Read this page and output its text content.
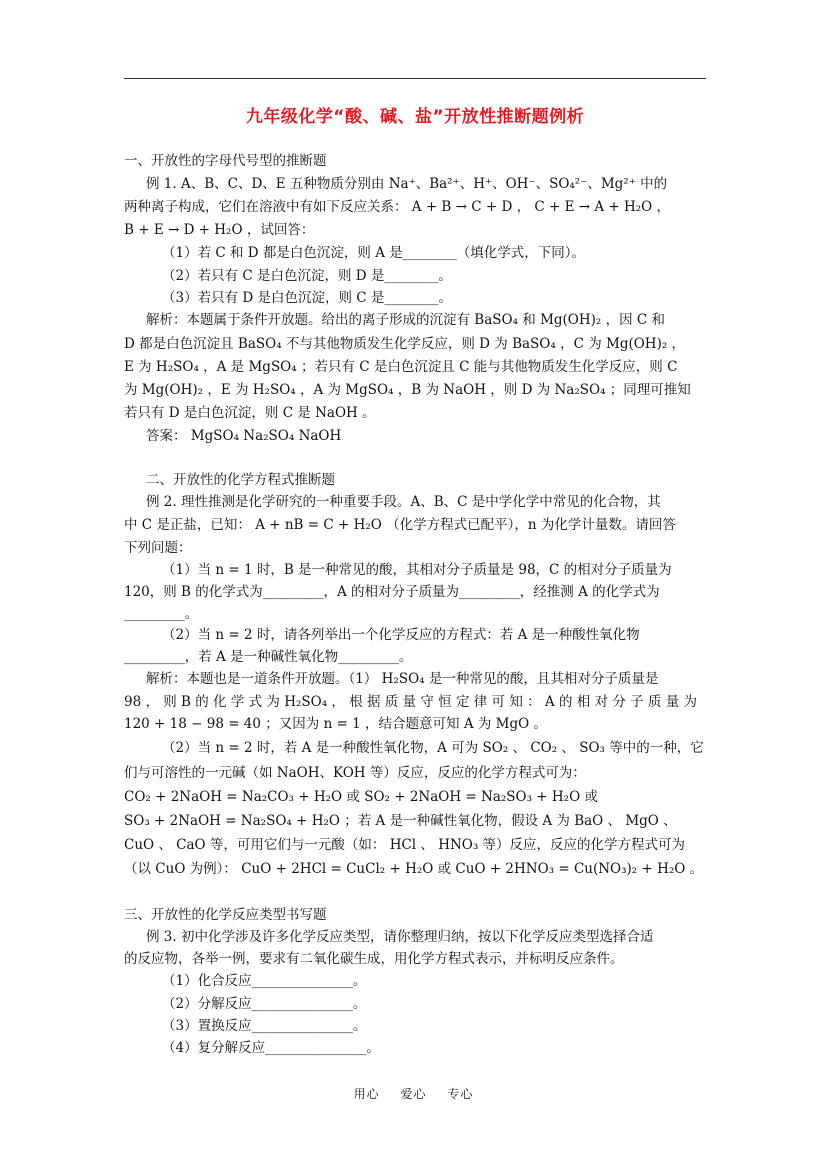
九年级化学“酸、碱、盐”开放性推断题例析
一、开放性的字母代号型的推断题
例 1. A、B、C、D、E 五种物质分别由 Na⁺、Ba²⁺、H⁺、OH⁻、SO₄²⁻、Mg²⁺ 中的
两种离子构成，它们在溶液中有如下反应关系： A + B → C + D ， C + E → A + H₂O ，
B + E → D + H₂O ，试回答：
（1）若 C 和 D 都是白色沉淀，则 A 是________（填化学式，下同）。
（2）若只有 C 是白色沉淀，则 D 是________。
（3）若只有 D 是白色沉淀，则 C 是________。
解析：本题属于条件开放题。给出的离子形成的沉淀有 BaSO₄ 和 Mg(OH)₂ ，因 C 和
D 都是白色沉淀且 BaSO₄ 不与其他物质发生化学反应，则 D 为 BaSO₄ ，C 为 Mg(OH)₂ ，
E 为 H₂SO₄ ，A 是 MgSO₄ ；若只有 C 是白色沉淀且 C 能与其他物质发生化学反应，则 C
为 Mg(OH)₂ ，E 为 H₂SO₄ ，A 为 MgSO₄ ，B 为 NaOH ，则 D 为 Na₂SO₄ ；同理可推知
若只有 D 是白色沉淀，则 C 是 NaOH 。
答案： MgSO₄ Na₂SO₄ NaOH
二、开放性的化学方程式推断题
例 2. 理性推测是化学研究的一种重要手段。A、B、C 是中学化学中常见的化合物，其
中 C 是正盐，已知： A + nB = C + H₂O （化学方程式已配平），n 为化学计量数。请回答
下列问题：
（1）当 n = 1 时，B 是一种常见的酸，其相对分子质量是 98，C 的相对分子质量为
120，则 B 的化学式为_________，A 的相对分子质量为_________，经推测 A 的化学式为
_________。
（2）当 n = 2 时，请各列举出一个化学反应的方程式：若 A 是一种酸性氧化物
_________，若 A 是一种碱性氧化物_________。
解析：本题也是一道条件开放题。（1） H₂SO₄ 是一种常见的酸，且其相对分子质量是
98 ， 则 B 的 化 学 式 为 H₂SO₄ ， 根 据 质 量 守 恒 定 律 可 知 ： A 的 相 对 分 子 质 量 为
120 + 18 − 98 = 40 ；又因为 n = 1 ，结合题意可知 A 为 MgO 。
（2）当 n = 2 时，若 A 是一种酸性氧化物，A 可为 SO₂ 、 CO₂ 、 SO₃ 等中的一种，它
们与可溶性的一元碱（如 NaOH、KOH 等）反应，反应的化学方程式可为：
CO₂ + 2NaOH = Na₂CO₃ + H₂O 或 SO₂ + 2NaOH = Na₂SO₃ + H₂O 或
SO₃ + 2NaOH = Na₂SO₄ + H₂O ；若 A 是一种碱性氧化物，假设 A 为 BaO 、 MgO 、
CuO 、 CaO 等，可用它们与一元酸（如： HCl 、 HNO₃ 等）反应，反应的化学方程式可为
（以 CuO 为例）： CuO + 2HCl = CuCl₂ + H₂O 或 CuO + 2HNO₃ = Cu(NO₃)₂ + H₂O 。
三、开放性的化学反应类型书写题
例 3. 初中化学涉及许多化学反应类型，请你整理归纳，按以下化学反应类型选择合适
的反应物，各举一例，要求有二氧化碳生成，用化学方程式表示，并标明反应条件。
（1）化合反应_______________。
（2）分解反应_______________。
（3）置换反应_______________。
（4）复分解反应_______________。
用心 爱心 专心
